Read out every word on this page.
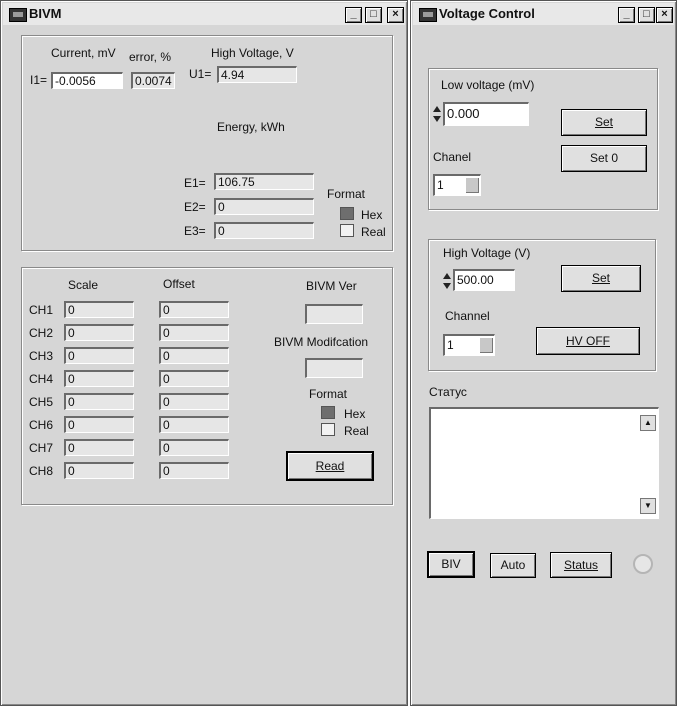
BIVM	_	□	×
Current, mV error, %	High Voltage, V
I1= -0.0056	0.0074 U1= 4.94
Energy, kWh
E1=	106.75
E2=	0
E3=	0
Format
Hex
Real
Scale	Offset
CH1	0	0
CH2	0	0
CH3	0	0
CH4	0	0
CH5	0	0
CH6	0	0
CH7	0	0
CH8	0	0
BIVM Ver
BIVM Modifcation
Format
Hex
Real
Read
Voltage Control	_	□	×
Low voltage (mV)
0.000
Set
Chanel	Set 0
1
High Voltage (V)
500.00	Set
Channel
1	HV OFF
Статус
▲
▼
BIV	Auto	Status
